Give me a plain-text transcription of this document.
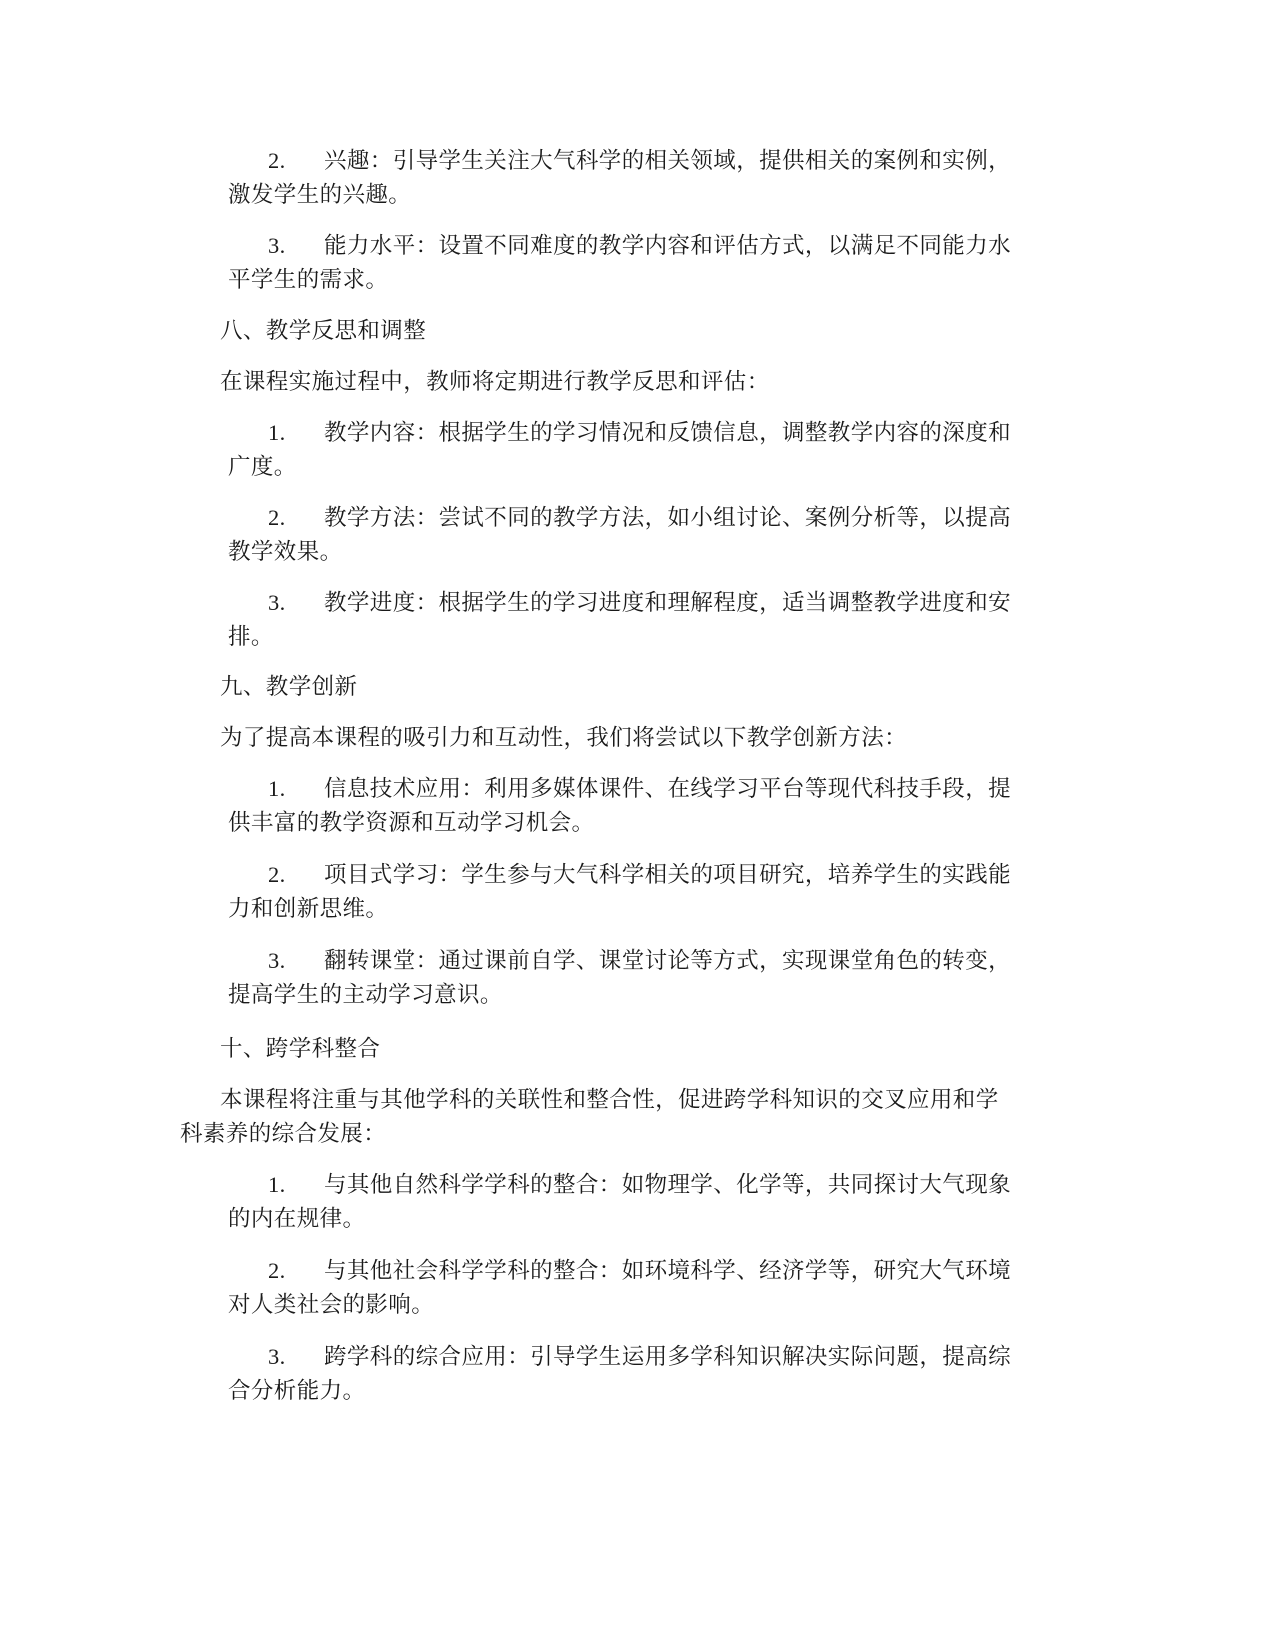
2. 兴趣：引导学生关注大气科学的相关领域，提供相关的案例和实例，
激发学生的兴趣。
3. 能力水平：设置不同难度的教学内容和评估方式，以满足不同能力水
平学生的需求。
八、教学反思和调整
在课程实施过程中，教师将定期进行教学反思和评估：
1. 教学内容：根据学生的学习情况和反馈信息，调整教学内容的深度和
广度。
2. 教学方法：尝试不同的教学方法，如小组讨论、案例分析等，以提高
教学效果。
3. 教学进度：根据学生的学习进度和理解程度，适当调整教学进度和安
排。
九、教学创新
为了提高本课程的吸引力和互动性，我们将尝试以下教学创新方法：
1. 信息技术应用：利用多媒体课件、在线学习平台等现代科技手段，提
供丰富的教学资源和互动学习机会。
2. 项目式学习：学生参与大气科学相关的项目研究，培养学生的实践能
力和创新思维。
3. 翻转课堂：通过课前自学、课堂讨论等方式，实现课堂角色的转变，
提高学生的主动学习意识。
十、跨学科整合
本课程将注重与其他学科的关联性和整合性，促进跨学科知识的交叉应用和学
科素养的综合发展：
1. 与其他自然科学学科的整合：如物理学、化学等，共同探讨大气现象
的内在规律。
2. 与其他社会科学学科的整合：如环境科学、经济学等，研究大气环境
对人类社会的影响。
3. 跨学科的综合应用：引导学生运用多学科知识解决实际问题，提高综
合分析能力。
